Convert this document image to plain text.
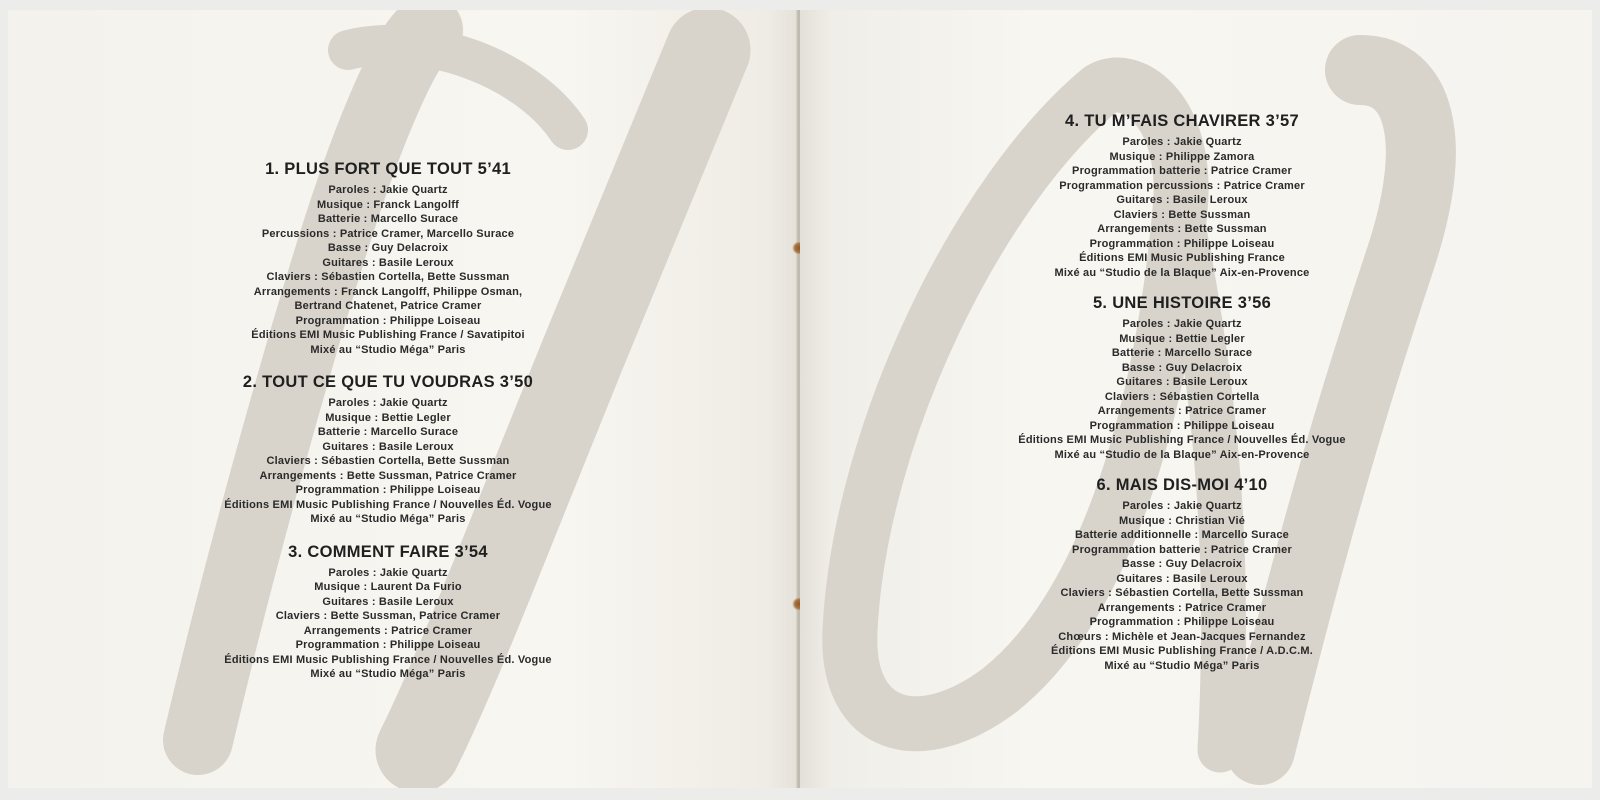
1. PLUS FORT QUE TOUT 5’41
Paroles : Jakie Quartz
Musique : Franck Langolff
Batterie : Marcello Surace
Percussions : Patrice Cramer, Marcello Surace
Basse : Guy Delacroix
Guitares : Basile Leroux
Claviers : Sébastien Cortella, Bette Sussman
Arrangements : Franck Langolff, Philippe Osman,
Bertrand Chatenet, Patrice Cramer
Programmation : Philippe Loiseau
Éditions EMI Music Publishing France / Savatipitoi
Mixé au “Studio Méga” Paris
2. TOUT CE QUE TU VOUDRAS 3’50
Paroles : Jakie Quartz
Musique : Bettie Legler
Batterie : Marcello Surace
Guitares : Basile Leroux
Claviers : Sébastien Cortella, Bette Sussman
Arrangements : Bette Sussman, Patrice Cramer
Programmation : Philippe Loiseau
Éditions EMI Music Publishing France / Nouvelles Éd. Vogue
Mixé au “Studio Méga” Paris
3. COMMENT FAIRE 3’54
Paroles : Jakie Quartz
Musique : Laurent Da Furio
Guitares : Basile Leroux
Claviers : Bette Sussman, Patrice Cramer
Arrangements : Patrice Cramer
Programmation : Philippe Loiseau
Éditions EMI Music Publishing France / Nouvelles Éd. Vogue
Mixé au “Studio Méga” Paris
4. TU M’FAIS CHAVIRER 3’57
Paroles : Jakie Quartz
Musique : Philippe Zamora
Programmation batterie : Patrice Cramer
Programmation percussions : Patrice Cramer
Guitares : Basile Leroux
Claviers : Bette Sussman
Arrangements : Bette Sussman
Programmation : Philippe Loiseau
Éditions EMI Music Publishing France
Mixé au “Studio de la Blaque” Aix-en-Provence
5. UNE HISTOIRE 3’56
Paroles : Jakie Quartz
Musique : Bettie Legler
Batterie : Marcello Surace
Basse : Guy Delacroix
Guitares : Basile Leroux
Claviers : Sébastien Cortella
Arrangements : Patrice Cramer
Programmation : Philippe Loiseau
Éditions EMI Music Publishing France / Nouvelles Éd. Vogue
Mixé au “Studio de la Blaque” Aix-en-Provence
6. MAIS DIS-MOI 4’10
Paroles : Jakie Quartz
Musique : Christian Vié
Batterie additionnelle : Marcello Surace
Programmation batterie : Patrice Cramer
Basse : Guy Delacroix
Guitares : Basile Leroux
Claviers : Sébastien Cortella, Bette Sussman
Arrangements : Patrice Cramer
Programmation : Philippe Loiseau
Chœurs : Michèle et Jean-Jacques Fernandez
Éditions EMI Music Publishing France / A.D.C.M.
Mixé au “Studio Méga” Paris
